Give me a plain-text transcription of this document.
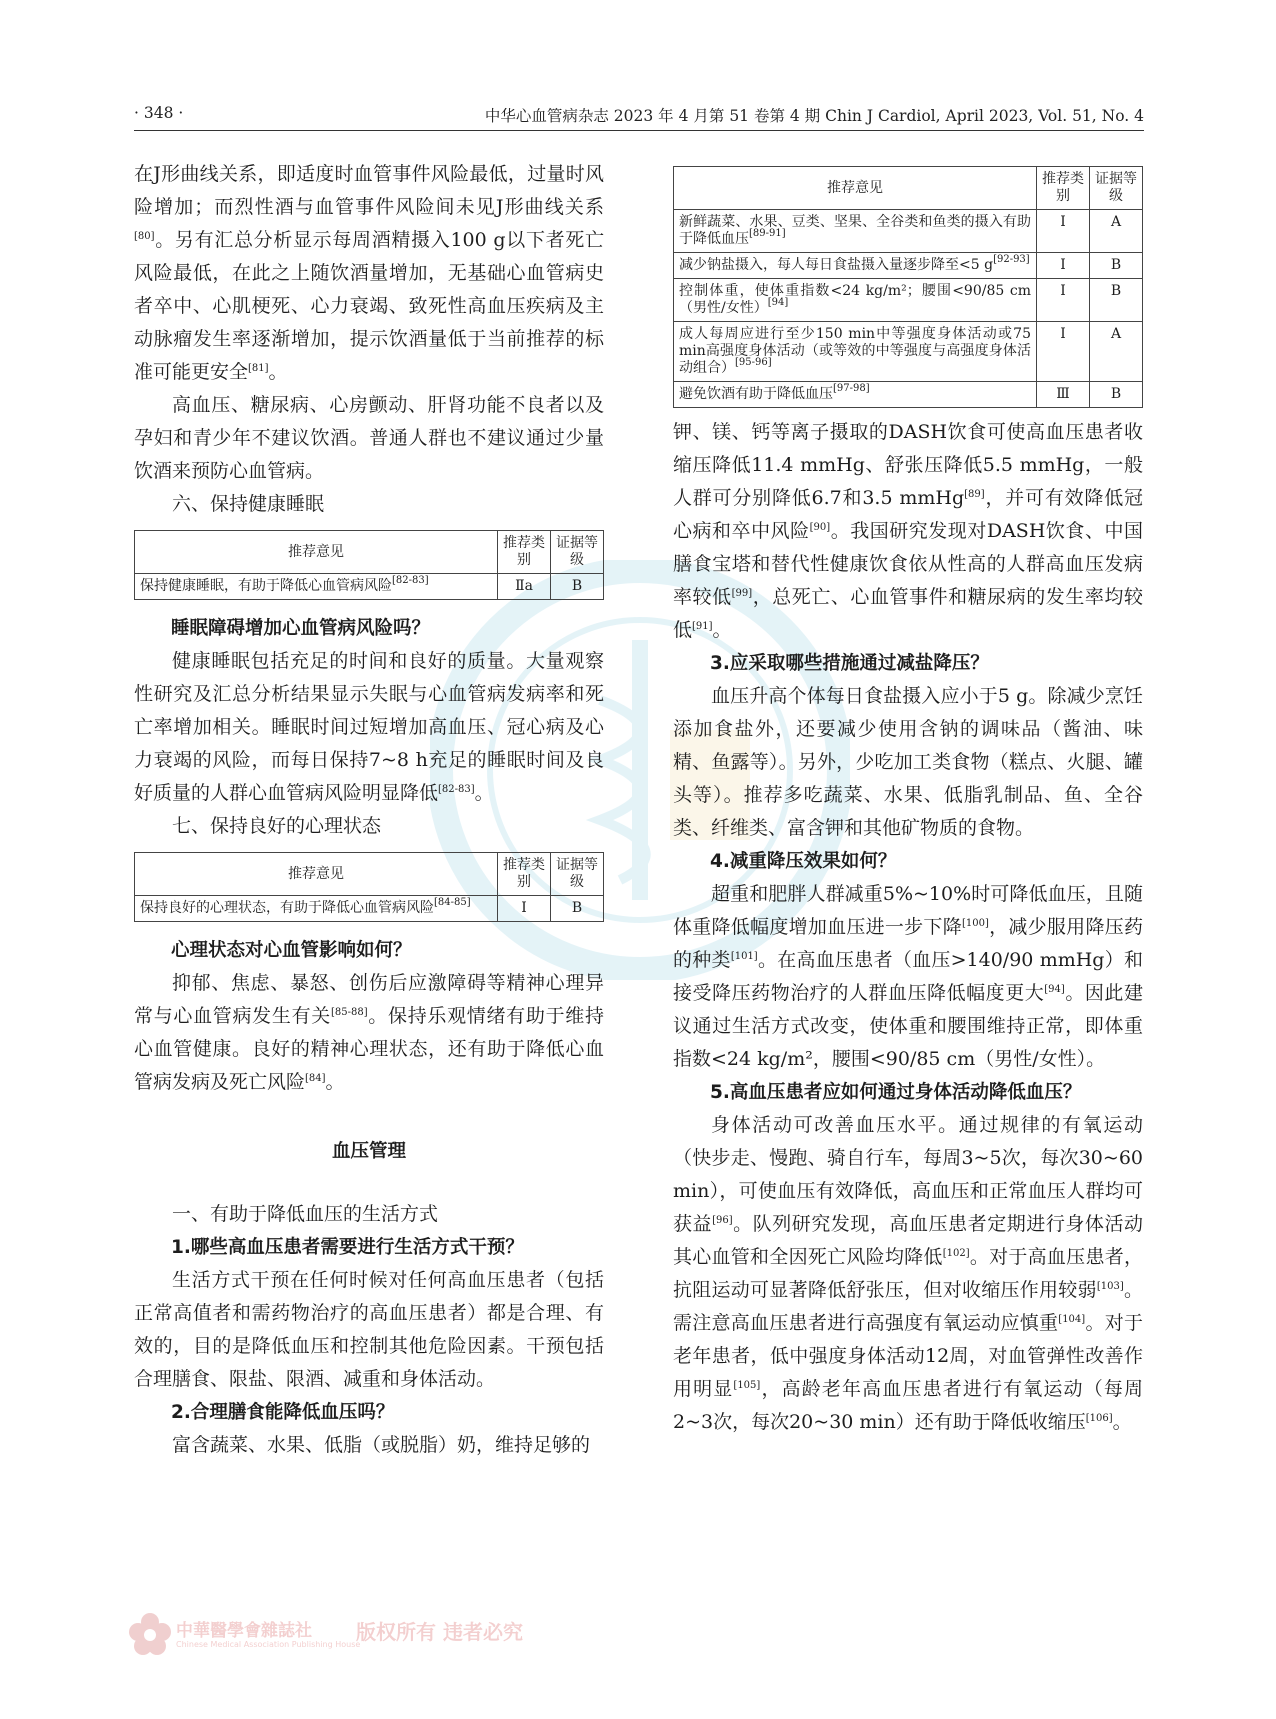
· 348 ·	中华心血管病杂志 2023 年 4 月第 51 卷第 4 期 Chin J Cardiol, April 2023, Vol. 51, No. 4

在J形曲线关系，即适度时血管事件风险最低，过量时风险增加；而烈性酒与血管事件风险间未见J形曲线关系[80]。另有汇总分析显示每周酒精摄入100 g以下者死亡风险最低，在此之上随饮酒量增加，无基础心血管病史者卒中、心肌梗死、心力衰竭、致死性高血压疾病及主动脉瘤发生率逐渐增加，提示饮酒量低于当前推荐的标准可能更安全[81]。

高血压、糖尿病、心房颤动、肝肾功能不良者以及孕妇和青少年不建议饮酒。普通人群也不建议通过少量饮酒来预防心血管病。

六、保持健康睡眠
推荐意见	推荐类别	证据等级
保持健康睡眠，有助于降低心血管病风险[82-83]	Ⅱa	B
睡眠障碍增加心血管病风险吗？

健康睡眠包括充足的时间和良好的质量。大量观察性研究及汇总分析结果显示失眠与心血管病发病率和死亡率增加相关。睡眠时间过短增加高血压、冠心病及心力衰竭的风险，而每日保持7~8 h充足的睡眠时间及良好质量的人群心血管病风险明显降低[82-83]。

七、保持良好的心理状态
推荐意见	推荐类别	证据等级
保持良好的心理状态，有助于降低心血管病风险[84-85]	Ⅰ	B
心理状态对心血管影响如何？

抑郁、焦虑、暴怒、创伤后应激障碍等精神心理异常与心血管病发生有关[85-88]。保持乐观情绪有助于维持心血管健康。良好的精神心理状态，还有助于降低心血管病发病及死亡风险[84]。

血压管理
一、有助于降低血压的生活方式
1.哪些高血压患者需要进行生活方式干预？

生活方式干预在任何时候对任何高血压患者（包括正常高值者和需药物治疗的高血压患者）都是合理、有效的，目的是降低血压和控制其他危险因素。干预包括合理膳食、限盐、限酒、减重和身体活动。

2.合理膳食能降低血压吗？

富含蔬菜、水果、低脂（或脱脂）奶，维持足够的

推荐意见	推荐类别	证据等级
新鲜蔬菜、水果、豆类、坚果、全谷类和鱼类的摄入有助于降低血压[89-91]	Ⅰ	A
减少钠盐摄入，每人每日食盐摄入量逐步降至<5 g[92-93]	Ⅰ	B
控制体重，使体重指数<24 kg/m²；腰围<90/85 cm（男性/女性）[94]	Ⅰ	B
成人每周应进行至少150 min中等强度身体活动或75 min高强度身体活动（或等效的中等强度与高强度身体活动组合）[95-96]	Ⅰ	A
避免饮酒有助于降低血压[97-98]	Ⅲ	B

钾、镁、钙等离子摄取的DASH饮食可使高血压患者收缩压降低11.4 mmHg、舒张压降低5.5 mmHg，一般人群可分别降低6.7和3.5 mmHg[89]，并可有效降低冠心病和卒中风险[90]。我国研究发现对DASH饮食、中国膳食宝塔和替代性健康饮食依从性高的人群高血压发病率较低[99]，总死亡、心血管事件和糖尿病的发生率均较低[91]。

3.应采取哪些措施通过减盐降压？

血压升高个体每日食盐摄入应小于5 g。除减少烹饪添加食盐外，还要减少使用含钠的调味品（酱油、味精、鱼露等）。另外，少吃加工类食物（糕点、火腿、罐头等）。推荐多吃蔬菜、水果、低脂乳制品、鱼、全谷类、纤维类、富含钾和其他矿物质的食物。

4.减重降压效果如何？

超重和肥胖人群减重5%~10%时可降低血压，且随体重降低幅度增加血压进一步下降[100]，减少服用降压药的种类[101]。在高血压患者（血压>140/90 mmHg）和接受降压药物治疗的人群血压降低幅度更大[94]。因此建议通过生活方式改变，使体重和腰围维持正常，即体重指数<24 kg/m²，腰围<90/85 cm（男性/女性）。

5.高血压患者应如何通过身体活动降低血压？

身体活动可改善血压水平。通过规律的有氧运动（快步走、慢跑、骑自行车，每周3~5次，每次30~60 min），可使血压有效降低，高血压和正常血压人群均可获益[96]。队列研究发现，高血压患者定期进行身体活动其心血管和全因死亡风险均降低[102]。对于高血压患者，抗阻运动可显著降低舒张压，但对收缩压作用较弱[103]。需注意高血压患者进行高强度有氧运动应慎重[104]。对于老年患者，低中强度身体活动12周，对血管弹性改善作用明显[105]，高龄老年高血压患者进行有氧运动（每周2~3次，每次20~30 min）还有助于降低收缩压[106]。

中華醫學會雜誌社
Chinese Medical Association Publishing House
版权所有 违者必究
